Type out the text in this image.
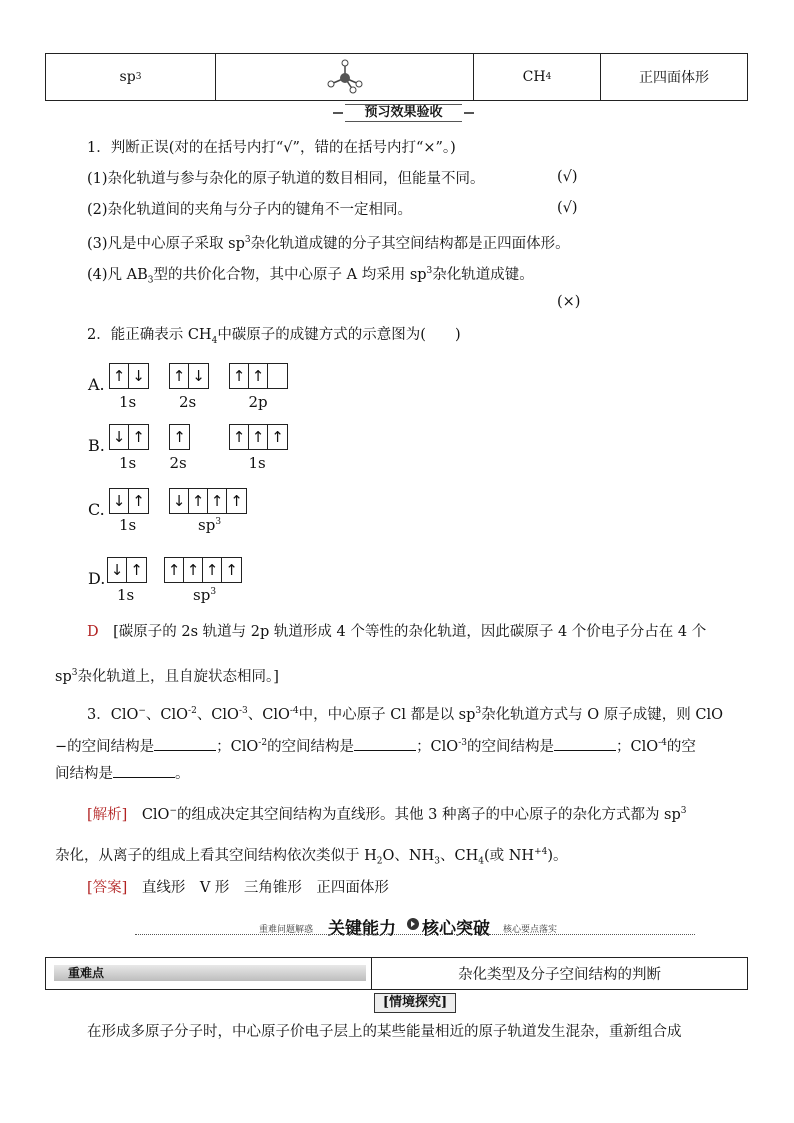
sp 3	CH 4	正四面体形
预习效果验收
1．判断正误(对的在括号内打“√”，错的在括号内打“×”。)
(1)杂化轨道与参与杂化的原子轨道的数目相同，但能量不同。	(√)
(2)杂化轨道间的夹角与分子内的键角不一定相同。	(√)
(3)凡是中心原子采取 $sp^3$杂化轨道成键的分子其空间结构都是正四面体形。
(4)凡 $AB_3$型的共价化合物，其中心原子 A 均采用 $sp^3$杂化轨道成键。
(×)
2．能正确表示 $CH_4$中碳原子的成键方式的示意图为(　　)
A. ↑ ↓
1s
↑ ↓
2s
↑ ↑
2p
B. ↓ ↑
1s
↑
2s
↑ ↑ ↑
1s
C. ↓ ↑
1s
↓ ↑ ↑ ↑
$sp^3$
D. ↓ ↑
1s
↑ ↑ ↑ ↑
$sp^3$
D　 [碳原子的 2s 轨道与 2p 轨道形成 4 个等性的杂化轨道，因此碳原子 4 个价电子分占在 4 个
$sp^3$杂化轨道上，且自旋状态相同。]
3．ClO−、ClO$^{-2}$、ClO$^{-3}$、ClO$^{-4}$中，中心原子 Cl 都是以 $sp^3$杂化轨道方式与 O 原子成键，则 ClO
−的空间结构是	；ClO$^{-2}$的空间结构是	；ClO$^{-3}$的空间结构是	；ClO$^{-4}$的空
间结构是	。
[解析]　 ClO−的组成决定其空间结构为直线形。其他 3 种离子的中心原子的杂化方式都为 $sp^3$
杂化，从离子的组成上看其空间结构依次类似于 $H_2O$、$NH_3$、$CH_4$(或 $NH^{+4}$)。
[答案]　 直线形　V 形　三角锥形　正四面体形
重难问题解惑 关键能力 核心突破 核心要点落实
重难点	杂化类型及分子空间结构的判断
[情境探究]
在形成多原子分子时，中心原子价电子层上的某些能量相近的原子轨道发生混杂，重新组合成
